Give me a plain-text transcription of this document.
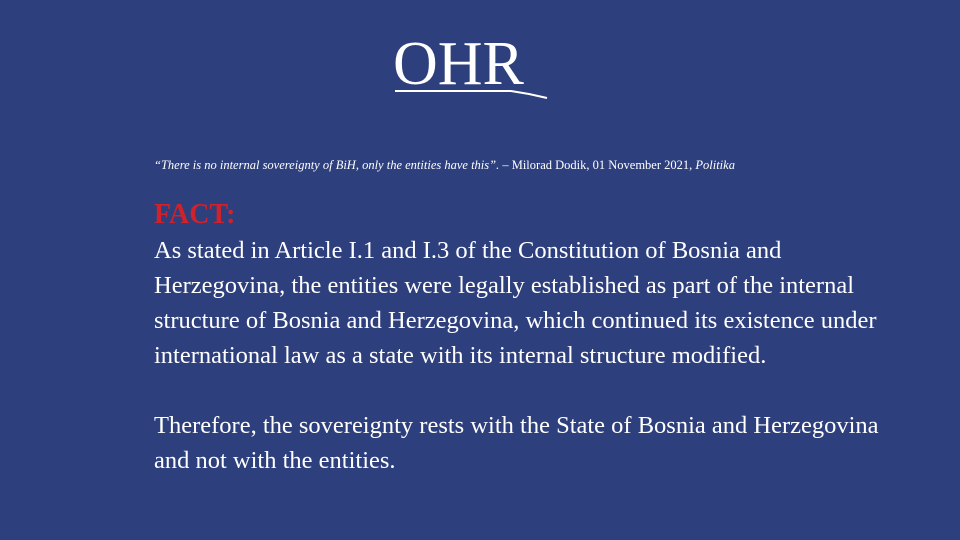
OHR
“There is no internal sovereignty of BiH, only the entities have this”. – Milorad Dodik, 01 November 2021, Politika
FACT:

As stated in Article I.1 and I.3 of the Constitution of Bosnia and Herzegovina, the entities were legally established as part of the internal structure of Bosnia and Herzegovina, which continued its existence under international law as a state with its internal structure modified.

Therefore, the sovereignty rests with the State of Bosnia and Herzegovina and not with the entities.
